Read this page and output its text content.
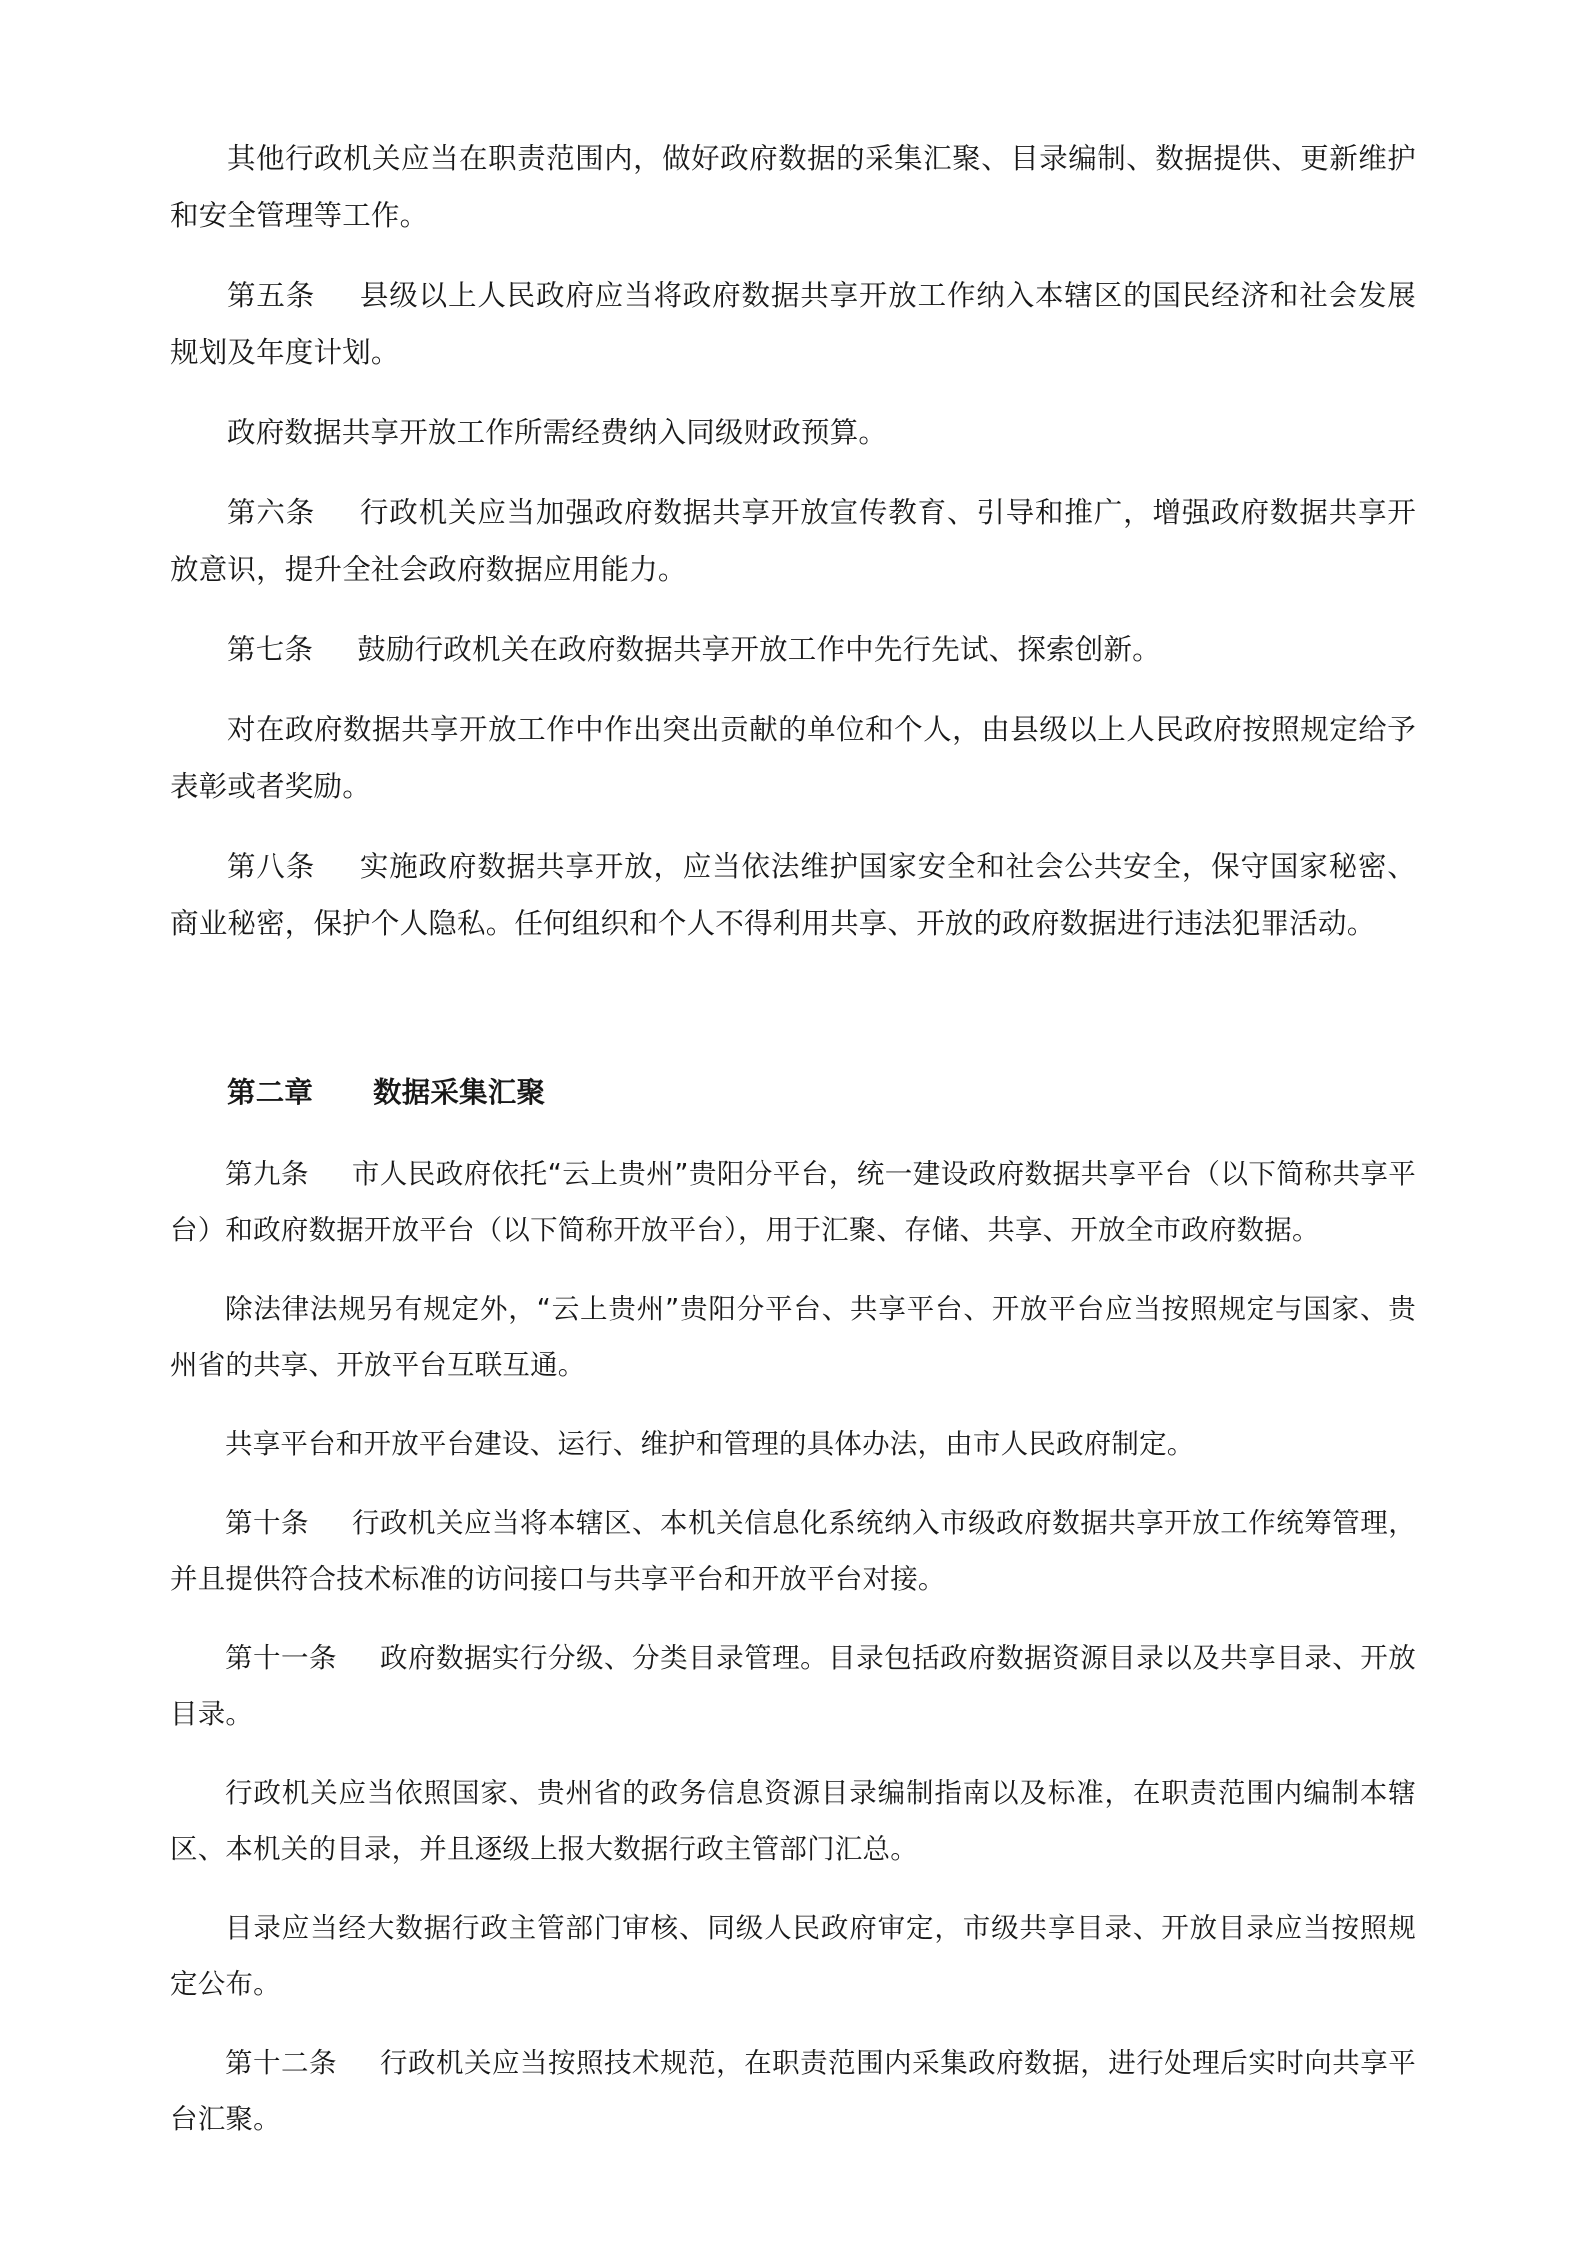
其他行政机关应当在职责范围内，做好政府数据的采集汇聚、目录编制、数据提供、更新维护和安全管理等工作。

第五条 县级以上人民政府应当将政府数据共享开放工作纳入本辖区的国民经济和社会发展规划及年度计划。

政府数据共享开放工作所需经费纳入同级财政预算。

第六条 行政机关应当加强政府数据共享开放宣传教育、引导和推广，增强政府数据共享开放意识，提升全社会政府数据应用能力。

第七条 鼓励行政机关在政府数据共享开放工作中先行先试、探索创新。

对在政府数据共享开放工作中作出突出贡献的单位和个人，由县级以上人民政府按照规定给予表彰或者奖励。

第八条 实施政府数据共享开放，应当依法维护国家安全和社会公共安全，保守国家秘密、商业秘密，保护个人隐私。任何组织和个人不得利用共享、开放的政府数据进行违法犯罪活动。

第二章 数据采集汇聚

第九条 市人民政府依托“云上贵州”贵阳分平台，统一建设政府数据共享平台（以下简称共享平台）和政府数据开放平台（以下简称开放平台），用于汇聚、存储、共享、开放全市政府数据。

除法律法规另有规定外，“云上贵州”贵阳分平台、共享平台、开放平台应当按照规定与国家、贵州省的共享、开放平台互联互通。

共享平台和开放平台建设、运行、维护和管理的具体办法，由市人民政府制定。

第十条 行政机关应当将本辖区、本机关信息化系统纳入市级政府数据共享开放工作统筹管理，并且提供符合技术标准的访问接口与共享平台和开放平台对接。

第十一条 政府数据实行分级、分类目录管理。目录包括政府数据资源目录以及共享目录、开放目录。

行政机关应当依照国家、贵州省的政务信息资源目录编制指南以及标准，在职责范围内编制本辖区、本机关的目录，并且逐级上报大数据行政主管部门汇总。

目录应当经大数据行政主管部门审核、同级人民政府审定，市级共享目录、开放目录应当按照规定公布。

第十二条 行政机关应当按照技术规范，在职责范围内采集政府数据，进行处理后实时向共享平台汇聚。
